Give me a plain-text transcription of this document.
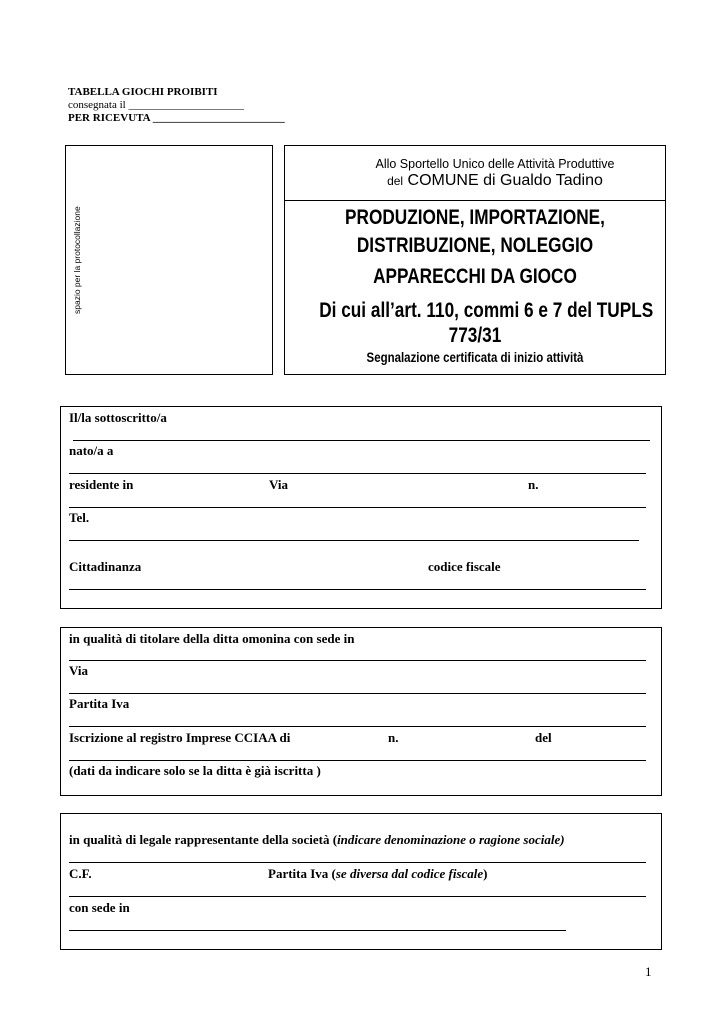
TABELLA GIOCHI PROIBITI
consegnata il _____________________
PER RICEVUTA ________________________
spazio per la protocollazione
Allo Sportello Unico delle Attività Produttive
del COMUNE di Gualdo Tadino
PRODUZIONE, IMPORTAZIONE,
DISTRIBUZIONE, NOLEGGIO
APPARECCHI DA GIOCO
Di cui all’art. 110, commi 6 e 7 del TUPLS
773/31
Segnalazione certificata di inizio attività
Il/la sottoscritto/a
nato/a a
residente in	Via	n.
Tel.
Cittadinanza	codice fiscale
in qualità di titolare della ditta omonina con sede in
Via
Partita Iva
Iscrizione al registro Imprese CCIAA di	n.	del
(dati da indicare solo se la ditta è già iscritta )
in qualità di legale rappresentante della società (indicare denominazione o ragione sociale)
C.F.	Partita Iva (se diversa dal codice fiscale)
con sede in
1
